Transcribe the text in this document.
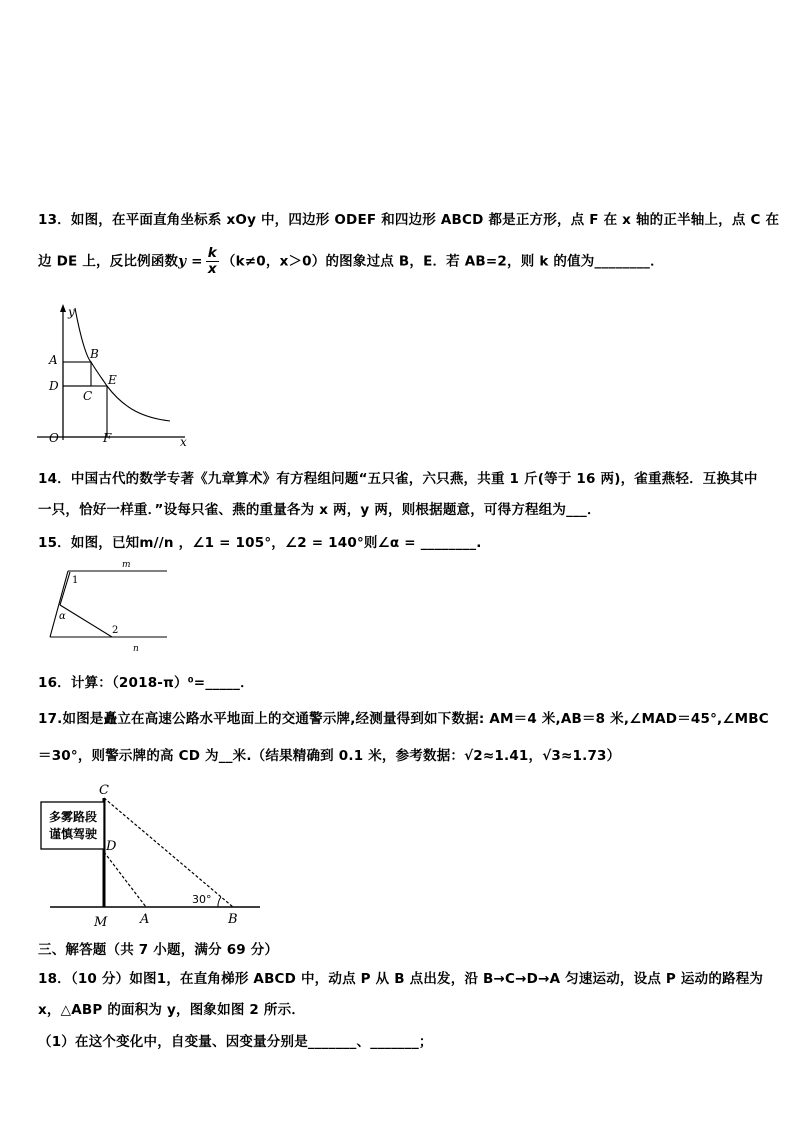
13．如图，在平面直角坐标系 xOy 中，四边形 ODEF 和四边形 ABCD 都是正方形，点 F 在 x 轴的正半轴上，点 C 在
边 DE 上，反比例函数$y = \frac{k}{x} (k\ne 0$，x＞0）的图象过点 B，E．若 AB=2，则 k 的值为________．
y
A	B
D	E
C
O	F	x
14．中国古代的数学专著《九章算术》有方程组问题“五只雀，六只燕，共重 1 斤(等于 16 两)，雀重燕轻．互换其中
一只，恰好一样重．”设每只雀、燕的重量各为 x 两，y 两，则根据题意，可得方程组为___．
15．如图，已知m//n ，∠1 = 105°，∠2 = 140°则∠α = ________.
m
n
1
α
2
16．计算：（2018-π）⁰=_____．
17.如图是矗立在高速公路水平地面上的交通警示牌,经测量得到如下数据: AM＝4 米,AB＝8 米,∠MAD＝45°,∠MBC
＝30°，则警示牌的高 CD 为__米.（结果精确到 0.1 米，参考数据：√2≈1.41，√3≈1.73）
多雾路段
谨慎驾驶
C
D
30°
M	A	B
三、解答题（共 7 小题，满分 69 分）
18．（10 分）如图1，在直角梯形 ABCD 中，动点 P 从 B 点出发，沿 B→C→D→A 匀速运动，设点 P 运动的路程为
x，△ABP 的面积为 y，图象如图 2 所示．
（1）在这个变化中，自变量、因变量分别是_______、_______；
